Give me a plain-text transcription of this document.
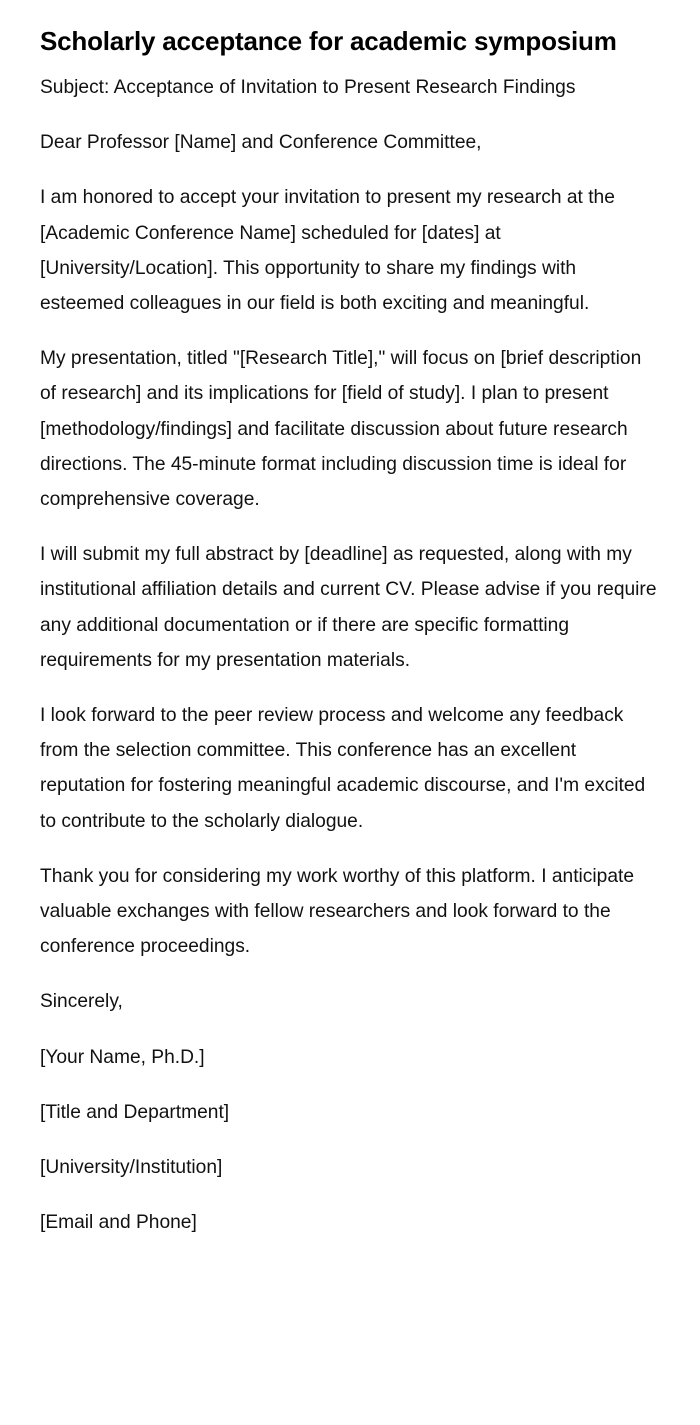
Scholarly acceptance for academic symposium

Subject: Acceptance of Invitation to Present Research Findings

Dear Professor [Name] and Conference Committee,

I am honored to accept your invitation to present my research at the [Academic Conference Name] scheduled for [dates] at [University/Location]. This opportunity to share my findings with esteemed colleagues in our field is both exciting and meaningful.

My presentation, titled "[Research Title]," will focus on [brief description of research] and its implications for [field of study]. I plan to present [methodology/findings] and facilitate discussion about future research directions. The 45-minute format including discussion time is ideal for comprehensive coverage.

I will submit my full abstract by [deadline] as requested, along with my institutional affiliation details and current CV. Please advise if you require any additional documentation or if there are specific formatting requirements for my presentation materials.

I look forward to the peer review process and welcome any feedback from the selection committee. This conference has an excellent reputation for fostering meaningful academic discourse, and I'm excited to contribute to the scholarly dialogue.

Thank you for considering my work worthy of this platform. I anticipate valuable exchanges with fellow researchers and look forward to the conference proceedings.

Sincerely,

[Your Name, Ph.D.]

[Title and Department]

[University/Institution]

[Email and Phone]
